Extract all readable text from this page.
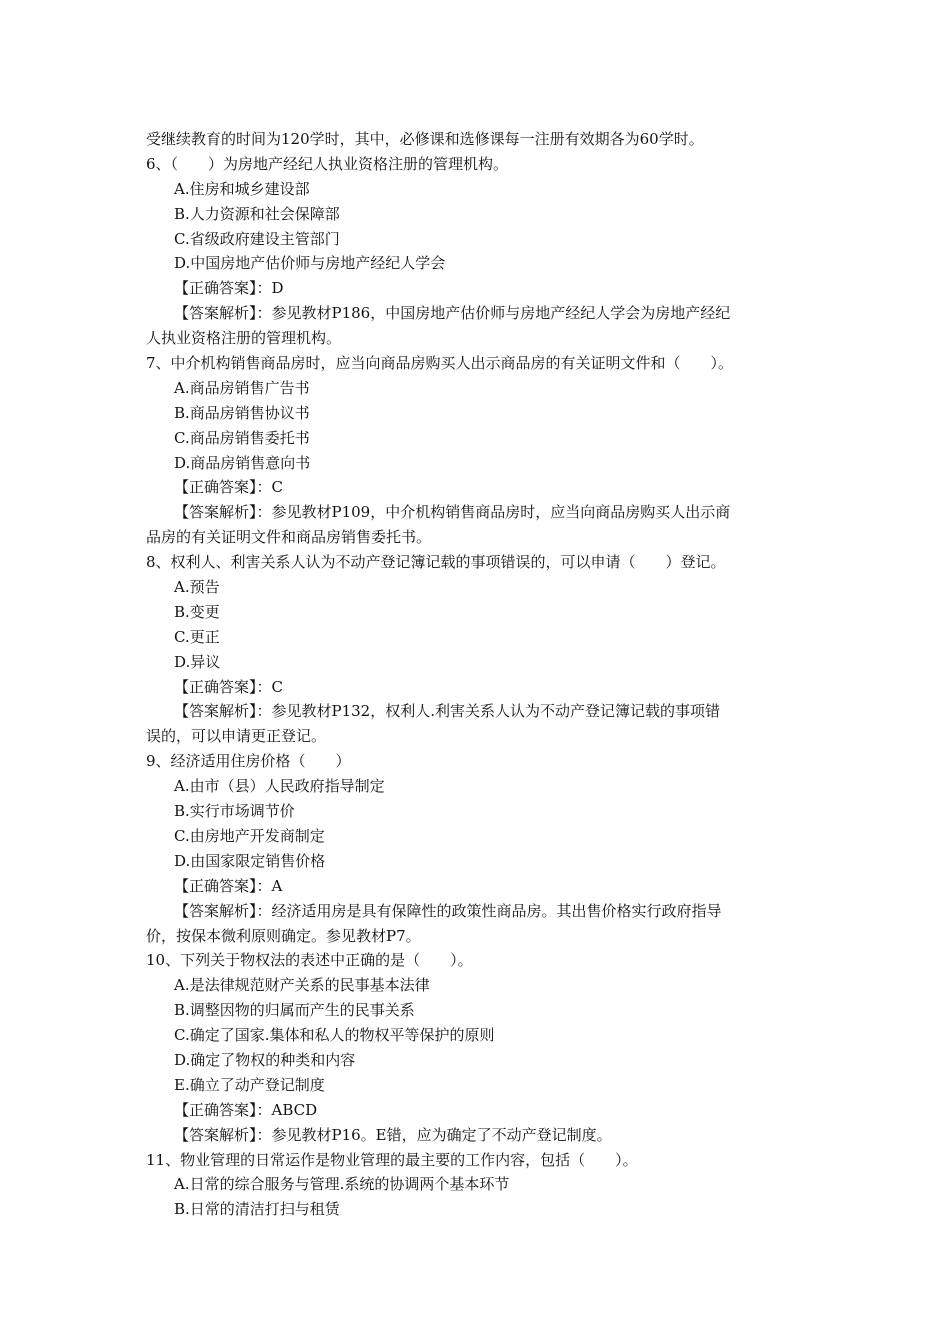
受继续教育的时间为120学时，其中，必修课和选修课每一注册有效期各为60学时。
6、（　　）为房地产经纪人执业资格注册的管理机构。
A.住房和城乡建设部
B.人力资源和社会保障部
C.省级政府建设主管部门
D.中国房地产估价师与房地产经纪人学会
【正确答案】：D
【答案解析】：参见教材P186，中国房地产估价师与房地产经纪人学会为房地产经纪
人执业资格注册的管理机构。
7、中介机构销售商品房时，应当向商品房购买人出示商品房的有关证明文件和（　　）。
A.商品房销售广告书
B.商品房销售协议书
C.商品房销售委托书
D.商品房销售意向书
【正确答案】：C
【答案解析】：参见教材P109，中介机构销售商品房时，应当向商品房购买人出示商
品房的有关证明文件和商品房销售委托书。
8、权利人、利害关系人认为不动产登记簿记载的事项错误的，可以申请（　　）登记。
A.预告
B.变更
C.更正
D.异议
【正确答案】：C
【答案解析】：参见教材P132，权利人.利害关系人认为不动产登记簿记载的事项错
误的，可以申请更正登记。
9、经济适用住房价格（　　）
A.由市（县）人民政府指导制定
B.实行市场调节价
C.由房地产开发商制定
D.由国家限定销售价格
【正确答案】：A
【答案解析】：经济适用房是具有保障性的政策性商品房。其出售价格实行政府指导
价，按保本微利原则确定。参见教材P7。
10、下列关于物权法的表述中正确的是（　　）。
A.是法律规范财产关系的民事基本法律
B.调整因物的归属而产生的民事关系
C.确定了国家.集体和私人的物权平等保护的原则
D.确定了物权的种类和内容
E.确立了动产登记制度
【正确答案】：ABCD
【答案解析】：参见教材P16。E错，应为确定了不动产登记制度。
11、物业管理的日常运作是物业管理的最主要的工作内容，包括（　　）。
A.日常的综合服务与管理.系统的协调两个基本环节
B.日常的清洁打扫与租赁
